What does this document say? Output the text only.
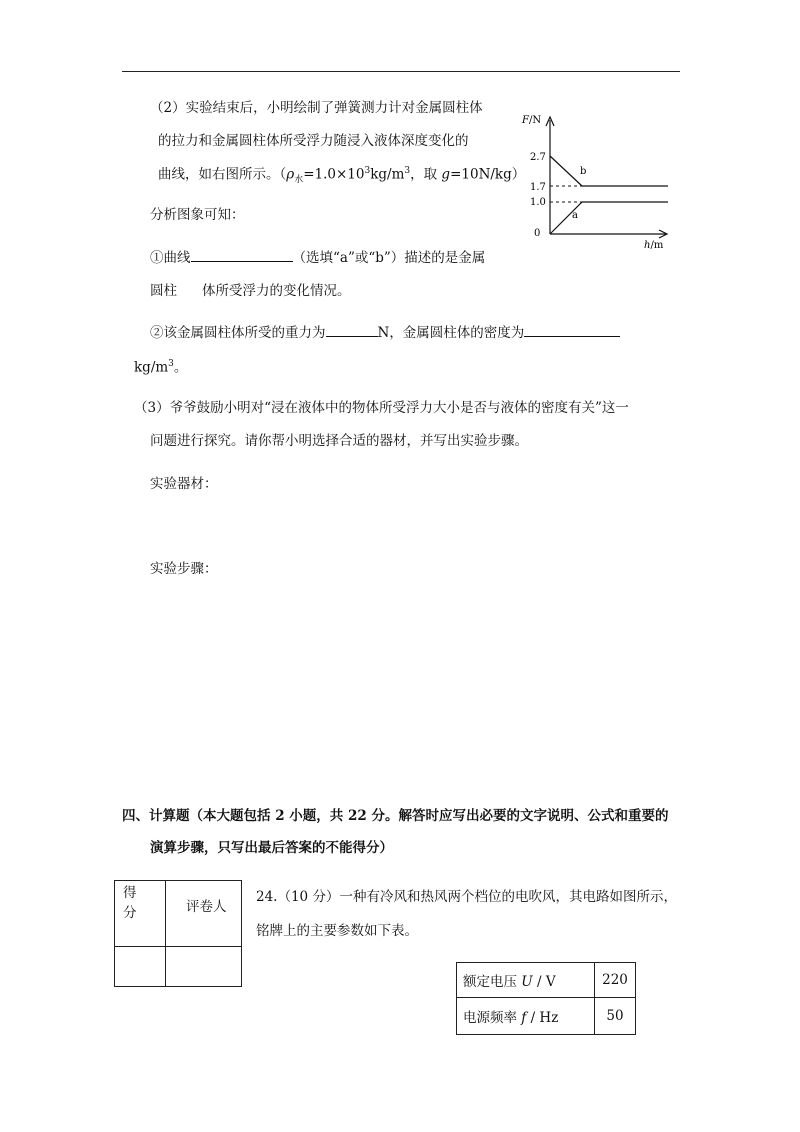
（2）实验结束后，小明绘制了弹簧测力计对金属圆柱体
的拉力和金属圆柱体所受浮力随浸入液体深度变化的
曲线，如右图所示。（$\rho_水=1.0\times 10^3kg/m^3$，取 g=10N/kg）
分析图象可知：
①曲线	（选填“a”或“b”）描述的是金属
圆柱 体所受浮力的变化情况。
②该金属圆柱体所受的重力为	N，金属圆柱体的密度为
$kg/m^3$。
F/N
2.7
1.7
1.0
0
b
a
h/m
（3）爷爷鼓励小明对“浸在液体中的物体所受浮力大小是否与液体的密度有关”这一
问题进行探究。请你帮小明选择合适的器材，并写出实验步骤。
实验器材：
实验步骤：
四、计算题（本大题包括 2 小题，共 22 分。解答时应写出必要的文字说明、公式和重要的
演算步骤，只写出最后答案的不能得分）
得
分	评卷人

24.（10 分）一种有冷风和热风两个档位的电吹风，其电路如图所示，
铭牌上的主要参数如下表。
额定电压 U / V	220
电源频率 f / Hz	50
